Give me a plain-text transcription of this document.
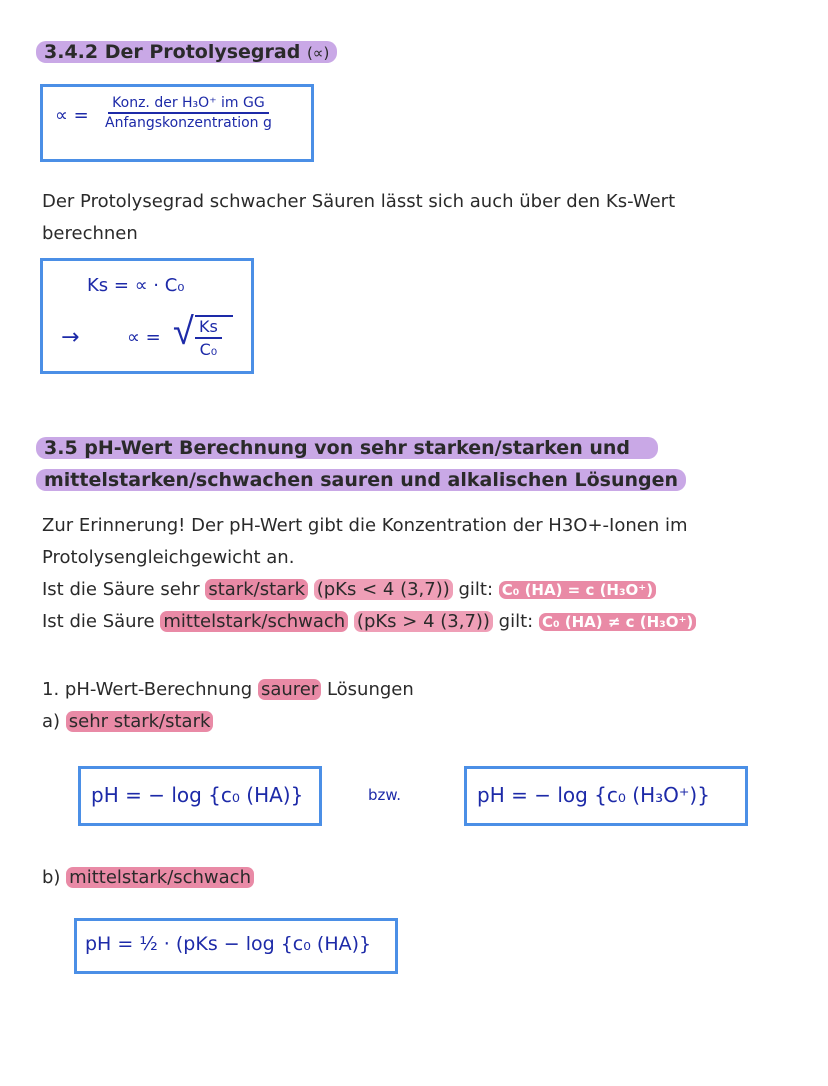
3.4.2 Der Protolysegrad (∝)
∝ = $\frac{\text{Konz. der H₃O⁺ im GG}}{\text{Anfangskonzentration g}}$
Der Protolysegrad schwacher Säuren lässt sich auch über den Ks-Wert berechnen
Ks = ∝ · C₀
→	∝ = √ $\frac{Ks}{\text{C₀}}$
3.5 pH-Wert Berechnung von sehr starken/starken und
mittelstarken/schwachen sauren und alkalischen Lösungen
Zur Erinnerung! Der pH-Wert gibt die Konzentration der H3O+-Ionen im
Protolysengleichgewicht an.
Ist die Säure sehr stark/stark (pKs < 4 (3,7)) gilt: C₀ (HA) = c (H₃O⁺)
Ist die Säure mittelstark/schwach (pKs > 4 (3,7)) gilt: C₀ (HA) ≠ c (H₃O⁺)
1. pH-Wert-Berechnung saurer Lösungen
a) sehr stark/stark
pH = − log {c₀ (HA)}	bzw.	pH = − log {c₀ (H₃O⁺)}
b) mittelstark/schwach
pH = ½ · (pKs − log {c₀ (HA)}
